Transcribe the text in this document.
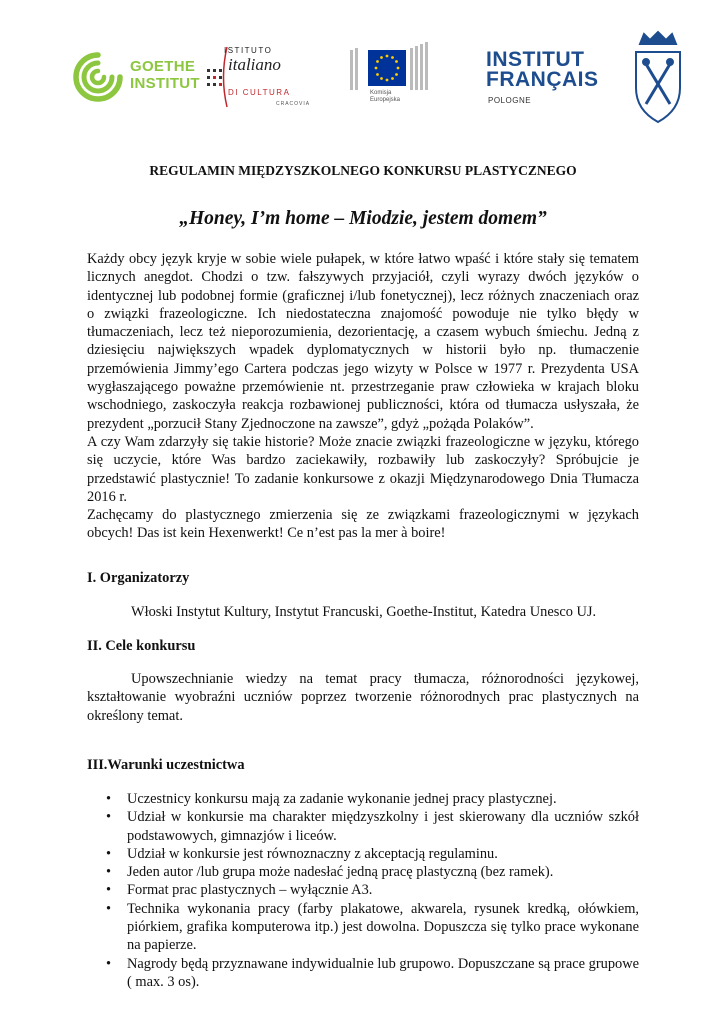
GOETHE
INSTITUT
ISTITUTO
italiano
DI CULTURA
CRACOVIA
Komisja
Europejska
INSTITUT
FRANÇAIS
POLOGNE
REGULAMIN MIĘDZYSZKOLNEGO KONKURSU PLASTYCZNEGO
„Honey, I’m home – Miodzie, jestem domem”

Każdy obcy język kryje w sobie wiele pułapek, w które łatwo wpaść i które stały się tematem licznych anegdot. Chodzi o tzw. fałszywych przyjaciół, czyli wyrazy dwóch języków o identycznej lub podobnej formie (graficznej i/lub fonetycznej), lecz różnych znaczeniach oraz o związki frazeologiczne. Ich niedostateczna znajomość powoduje nie tylko błędy w tłumaczeniach, lecz też nieporozumienia, dezorientację, a czasem wybuch śmiechu. Jedną z dziesięciu największych wpadek dyplomatycznych w historii było np. tłumaczenie przemówienia Jimmy’ego Cartera podczas jego wizyty w Polsce w 1977 r. Prezydenta USA wygłaszającego poważne przemówienie nt. przestrzeganie praw człowieka w krajach bloku wschodniego, zaskoczyła reakcja rozbawionej publiczności, która od tłumacza usłyszała, że prezydent „porzucił Stany Zjednoczone na zawsze”, gdyż „pożąda Polaków”.

A czy Wam zdarzyły się takie historie? Może znacie związki frazeologiczne w języku, którego się uczycie, które Was bardzo zaciekawiły, rozbawiły lub zaskoczyły? Spróbujcie je przedstawić plastycznie! To zadanie konkursowe z okazji Międzynarodowego Dnia Tłumacza 2016 r.

Zachęcamy do plastycznego zmierzenia się ze związkami frazeologicznymi w językach obcych! Das ist kein Hexenwerkt! Ce n’est pas la mer à boire!

I. Organizatorzy

Włoski Instytut Kultury, Instytut Francuski, Goethe-Institut, Katedra Unesco UJ.

II. Cele konkursu

Upowszechnianie wiedzy na temat pracy tłumacza, różnorodności językowej, kształtowanie wyobraźni uczniów poprzez tworzenie różnorodnych prac plastycznych na określony temat.

III.Warunki uczestnictwa
• Uczestnicy konkursu mają za zadanie wykonanie jednej pracy plastycznej.
• Udział w konkursie ma charakter międzyszkolny i jest skierowany dla uczniów szkół podstawowych, gimnazjów i liceów.
• Udział w konkursie jest równoznaczny z akceptacją regulaminu.
• Jeden autor /lub grupa może nadesłać jedną pracę plastyczną (bez ramek).
• Format prac plastycznych – wyłącznie A3.
• Technika wykonania pracy (farby plakatowe, akwarela, rysunek kredką, ołówkiem, piórkiem, grafika komputerowa itp.) jest dowolna. Dopuszcza się tylko prace wykonane na papierze.
• Nagrody będą przyznawane indywidualnie lub grupowo. Dopuszczane są prace grupowe ( max. 3 os).
